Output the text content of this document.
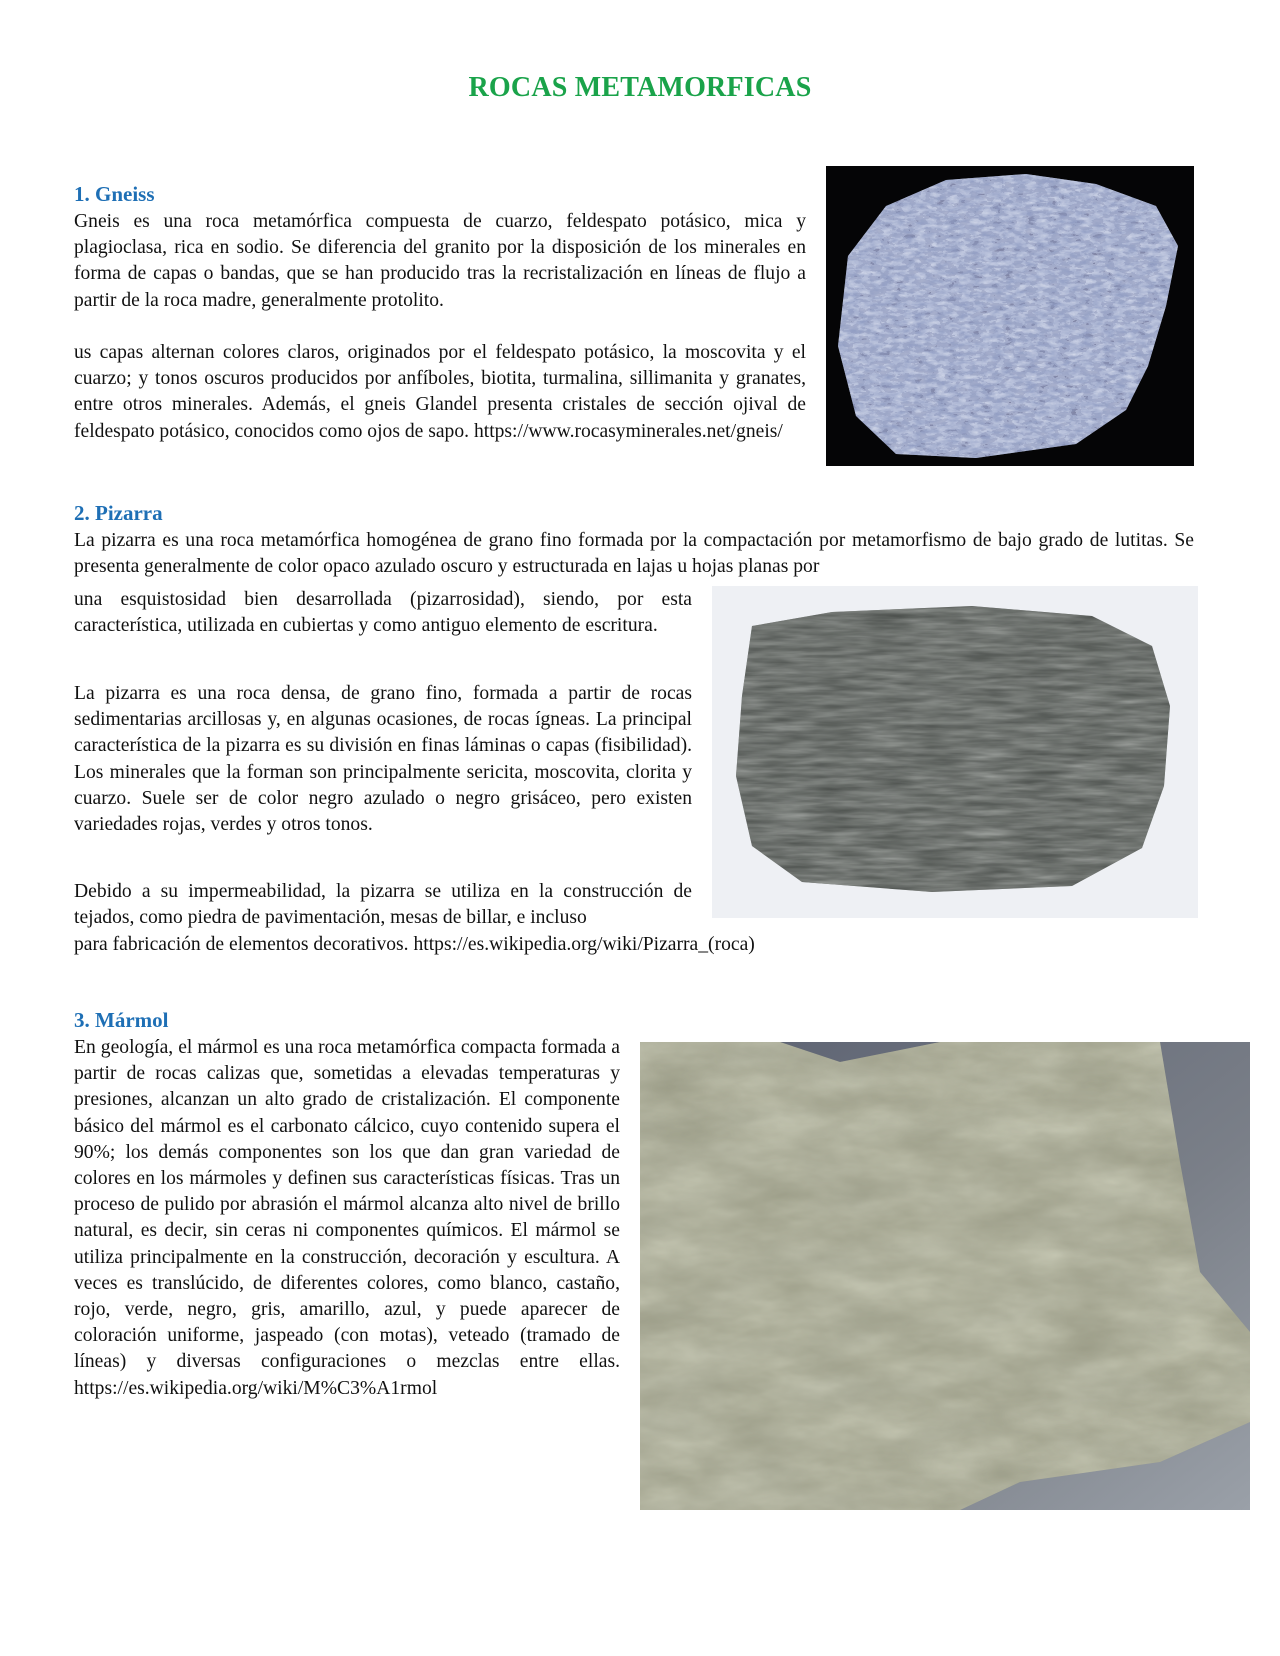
ROCAS METAMORFICAS
1. Gneiss

Gneis es una roca metamórfica compuesta de cuarzo, feldespato potásico, mica y plagioclasa, rica en sodio. Se diferencia del granito por la disposición de los minerales en forma de capas o bandas, que se han producido tras la recristalización en líneas de flujo a partir de la roca madre, generalmente protolito.

us capas alternan colores claros, originados por el feldespato potásico, la moscovita y el cuarzo; y tonos oscuros producidos por anfíboles, biotita, turmalina, sillimanita y granates, entre otros minerales. Además, el gneis Glandel presenta cristales de sección ojival de feldespato potásico, conocidos como ojos de sapo. https://www.rocasyminerales.net/gneis/

2. Pizarra

La pizarra es una roca metamórfica homogénea de grano fino formada por la compactación por metamorfismo de bajo grado de lutitas. Se presenta generalmente de color opaco azulado oscuro y estructurada en lajas u hojas planas por

una esquistosidad bien desarrollada (pizarrosidad), siendo, por esta característica, utilizada en cubiertas y como antiguo elemento de escritura.

La pizarra es una roca densa, de grano fino, formada a partir de rocas sedimentarias arcillosas y, en algunas ocasiones, de rocas ígneas. La principal característica de la pizarra es su división en finas láminas o capas (fisibilidad). Los minerales que la forman son principalmente sericita, moscovita, clorita y cuarzo. Suele ser de color negro azulado o negro grisáceo, pero existen variedades rojas, verdes y otros tonos.

Debido a su impermeabilidad, la pizarra se utiliza en la construcción de tejados, como piedra de pavimentación, mesas de billar, e incluso

para fabricación de elementos decorativos. https://es.wikipedia.org/wiki/Pizarra_(roca)

3. Mármol

En geología, el mármol es una roca metamórfica compacta formada a partir de rocas calizas que, sometidas a elevadas temperaturas y presiones, alcanzan un alto grado de cristalización. El componente básico del mármol es el carbonato cálcico, cuyo contenido supera el 90%; los demás componentes son los que dan gran variedad de colores en los mármoles y definen sus características físicas. Tras un proceso de pulido por abrasión el mármol alcanza alto nivel de brillo natural, es decir, sin ceras ni componentes químicos. El mármol se utiliza principalmente en la construcción, decoración y escultura. A veces es translúcido, de diferentes colores, como blanco, castaño, rojo, verde, negro, gris, amarillo, azul, y puede aparecer de coloración uniforme, jaspeado (con motas), veteado (tramado de líneas) y diversas configuraciones o mezclas entre ellas. https://es.wikipedia.org/wiki/M%C3%A1rmol
